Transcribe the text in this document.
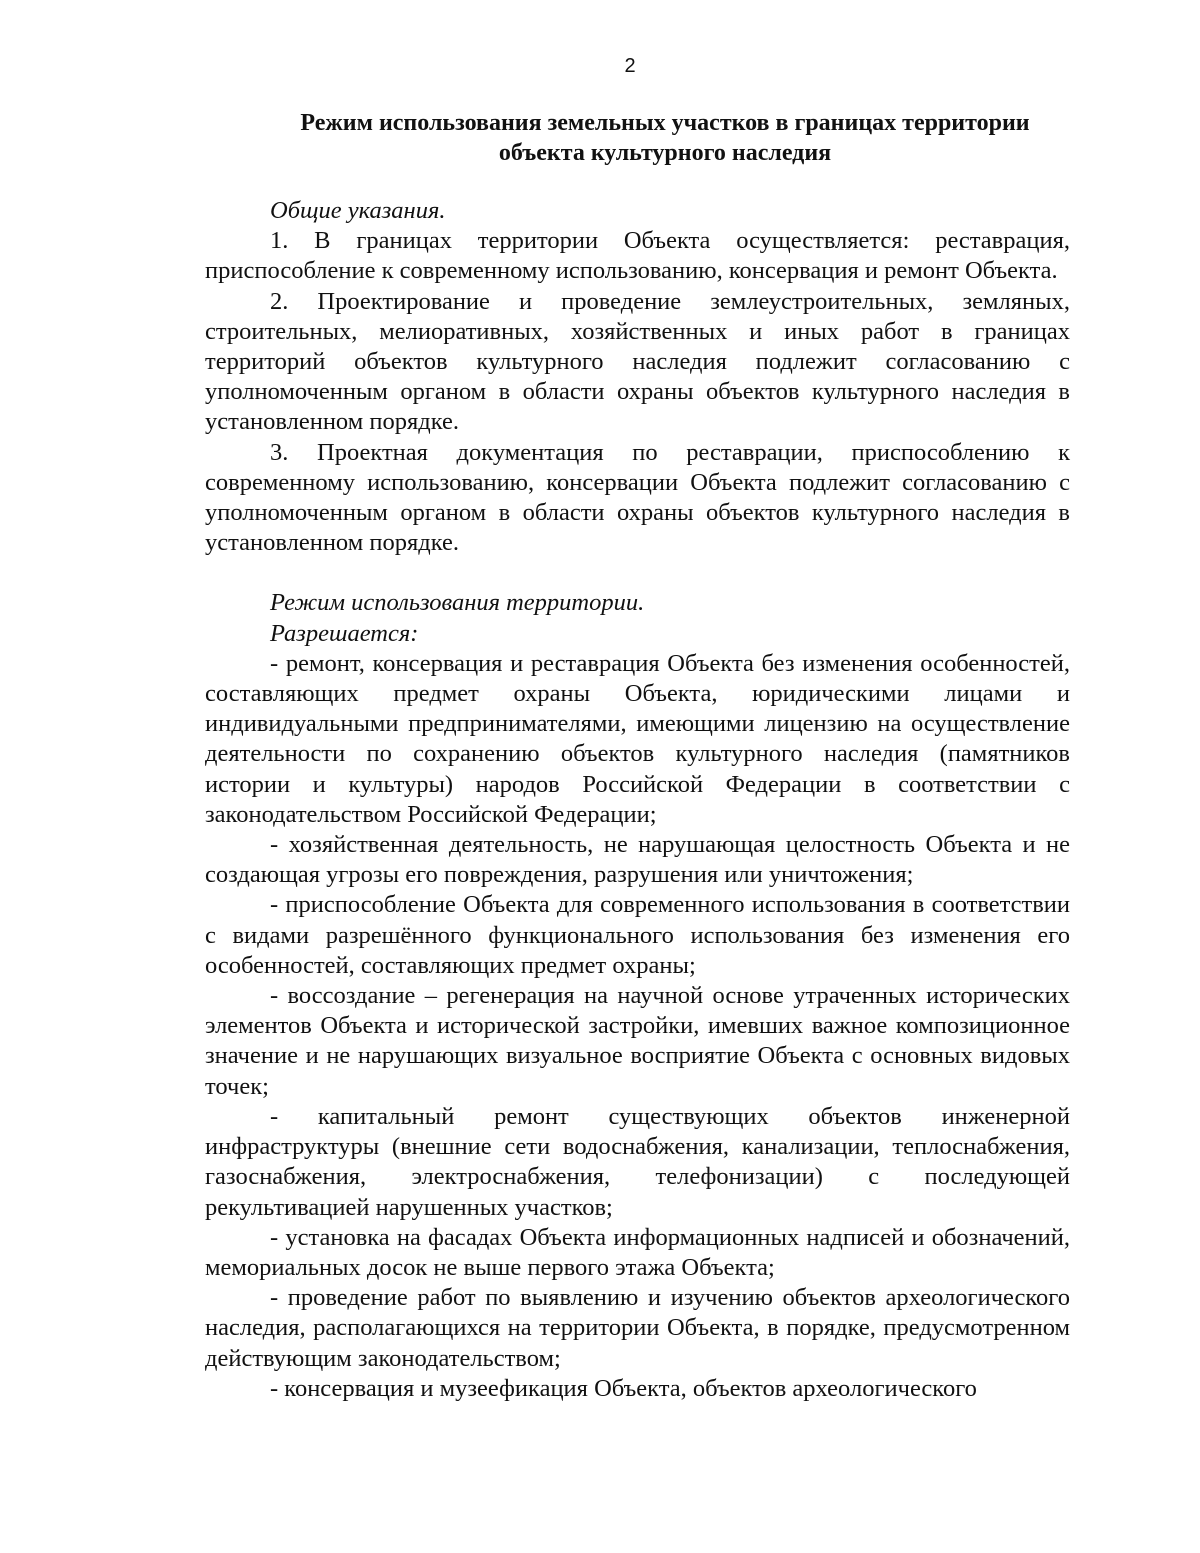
2
Режим использования земельных участков в границах территории
объекта культурного наследия

Общие указания.

1. В границах территории Объекта осуществляется: реставрация, приспособление к современному использованию, консервация и ремонт Объекта.

2. Проектирование и проведение землеустроительных, земляных, строительных, мелиоративных, хозяйственных и иных работ в границах территорий объектов культурного наследия подлежит согласованию с уполномоченным органом в области охраны объектов культурного наследия в установленном порядке.

3. Проектная документация по реставрации, приспособлению к современному использованию, консервации Объекта подлежит согласованию с уполномоченным органом в области охраны объектов культурного наследия в установленном порядке.

Режим использования территории.

Разрешается:

- ремонт, консервация и реставрация Объекта без изменения особенностей, составляющих предмет охраны Объекта, юридическими лицами и индивидуальными предпринимателями, имеющими лицензию на осуществление деятельности по сохранению объектов культурного наследия (памятников истории и культуры) народов Российской Федерации в соответствии с законодательством Российской Федерации;

- хозяйственная деятельность, не нарушающая целостность Объекта и не создающая угрозы его повреждения, разрушения или уничтожения;

- приспособление Объекта для современного использования в соответствии с видами разрешённого функционального использования без изменения его особенностей, составляющих предмет охраны;

- воссоздание – регенерация на научной основе утраченных исторических элементов Объекта и исторической застройки, имевших важное композиционное значение и не нарушающих визуальное восприятие Объекта с основных видовых точек;

- капитальный ремонт существующих объектов инженерной инфраструктуры (внешние сети водоснабжения, канализации, теплоснабжения, газоснабжения, электроснабжения, телефонизации) с последующей рекультивацией нарушенных участков;

- установка на фасадах Объекта информационных надписей и обозначений, мемориальных досок не выше первого этажа Объекта;

- проведение работ по выявлению и изучению объектов археологического наследия, располагающихся на территории Объекта, в порядке, предусмотренном действующим законодательством;

- консервация и музеефикация Объекта, объектов археологического
